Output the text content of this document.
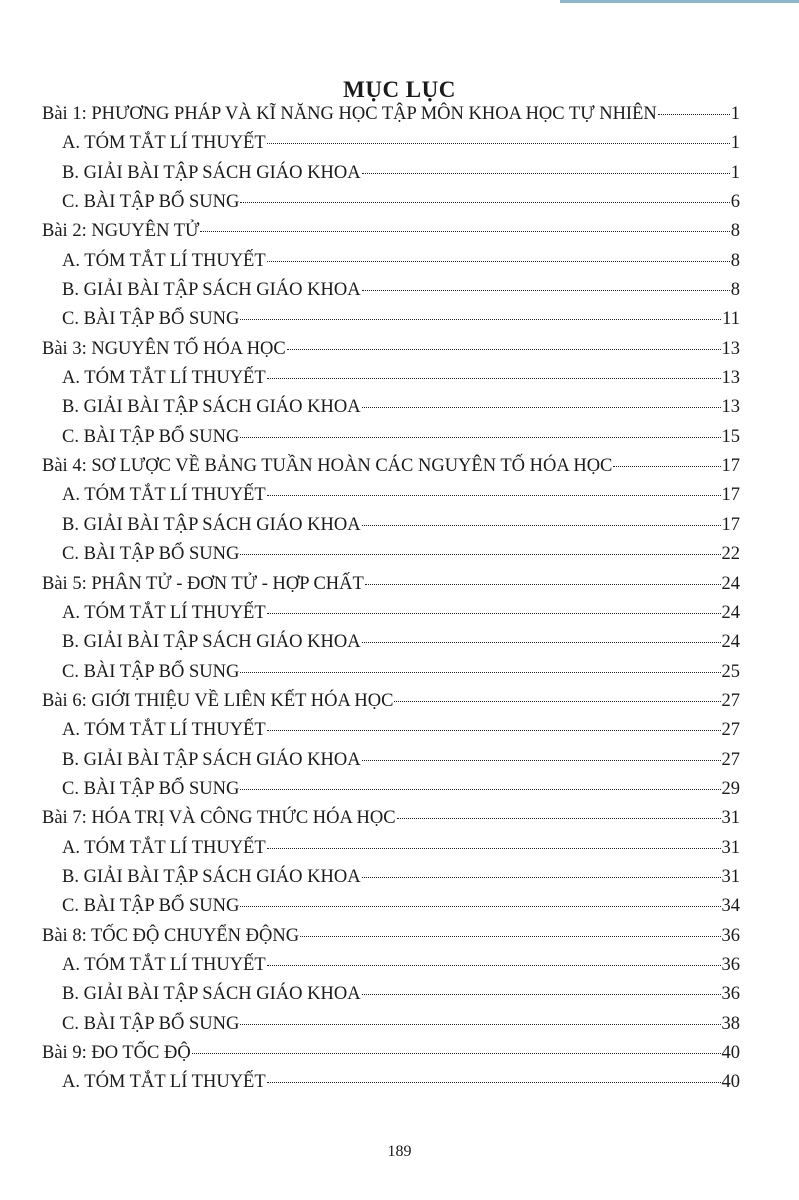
MỤC LỤC
Bài 1: PHƯƠNG PHÁP VÀ KĨ NĂNG HỌC TẬP MÔN KHOA HỌC TỰ NHIÊN	1
A. TÓM TẮT LÍ THUYẾT	1
B. GIẢI BÀI TẬP SÁCH GIÁO KHOA	1
C. BÀI TẬP BỔ SUNG	6
Bài 2: NGUYÊN TỬ	8
A. TÓM TẮT LÍ THUYẾT	8
B. GIẢI BÀI TẬP SÁCH GIÁO KHOA	8
C. BÀI TẬP BỔ SUNG	11
Bài 3: NGUYÊN TỐ HÓA HỌC	13
A. TÓM TẮT LÍ THUYẾT	13
B. GIẢI BÀI TẬP SÁCH GIÁO KHOA	13
C. BÀI TẬP BỔ SUNG	15
Bài 4: SƠ LƯỢC VỀ BẢNG TUẦN HOÀN CÁC NGUYÊN TỐ HÓA HỌC	17
A. TÓM TẮT LÍ THUYẾT	17
B. GIẢI BÀI TẬP SÁCH GIÁO KHOA	17
C. BÀI TẬP BỔ SUNG	22
Bài 5: PHÂN TỬ - ĐƠN TỬ - HỢP CHẤT	24
A. TÓM TẮT LÍ THUYẾT	24
B. GIẢI BÀI TẬP SÁCH GIÁO KHOA	24
C. BÀI TẬP BỔ SUNG	25
Bài 6: GIỚI THIỆU VỀ LIÊN KẾT HÓA HỌC	27
A. TÓM TẮT LÍ THUYẾT	27
B. GIẢI BÀI TẬP SÁCH GIÁO KHOA	27
C. BÀI TẬP BỔ SUNG	29
Bài 7: HÓA TRỊ VÀ CÔNG THỨC HÓA HỌC	31
A. TÓM TẮT LÍ THUYẾT	31
B. GIẢI BÀI TẬP SÁCH GIÁO KHOA	31
C. BÀI TẬP BỔ SUNG	34
Bài 8: TỐC ĐỘ CHUYỂN ĐỘNG	36
A. TÓM TẮT LÍ THUYẾT	36
B. GIẢI BÀI TẬP SÁCH GIÁO KHOA	36
C. BÀI TẬP BỔ SUNG	38
Bài 9: ĐO TỐC ĐỘ	40
A. TÓM TẮT LÍ THUYẾT	40
189
